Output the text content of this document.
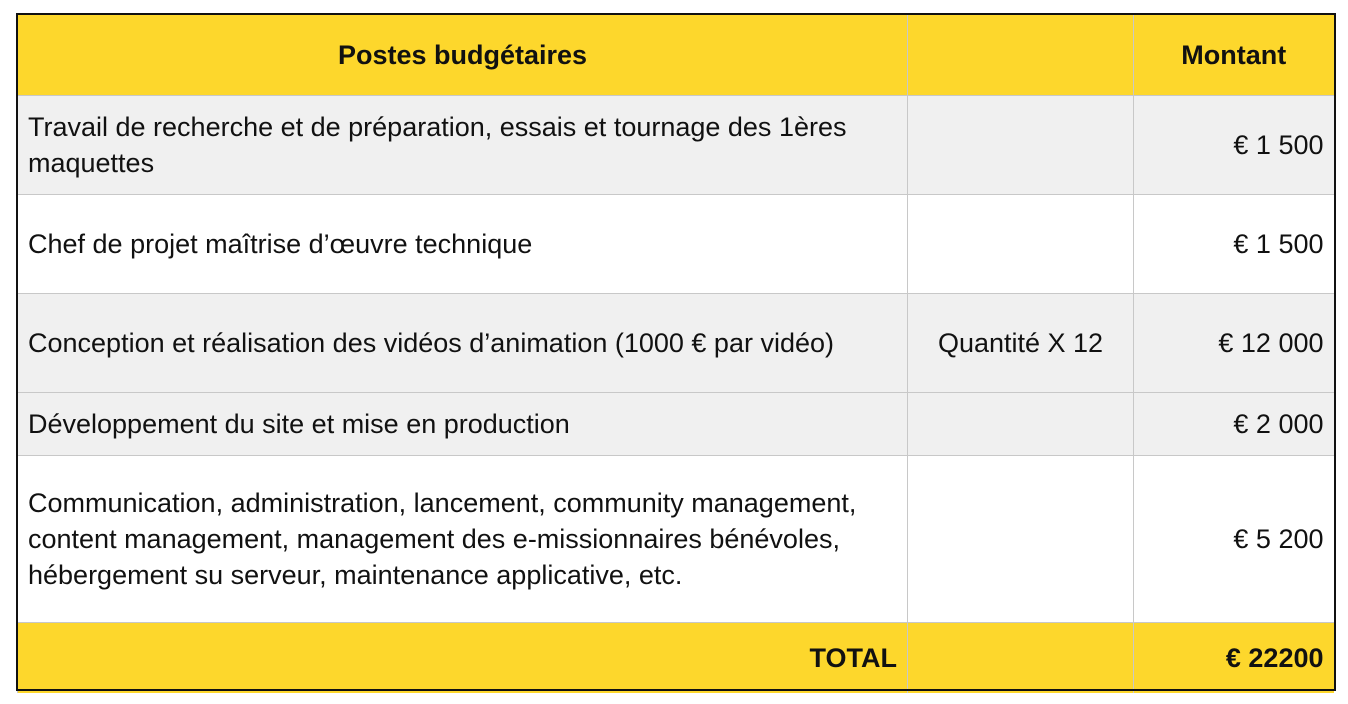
Postes budgétaires		Montant
Travail de recherche et de préparation, essais et tournage des 1ères maquettes		€ 1 500
Chef de projet maîtrise d’œuvre technique		€ 1 500
Conception et réalisation des vidéos d’animation (1000 € par vidéo)	Quantité X 12	€ 12 000
Développement du site et mise en production		€ 2 000
Communication, administration, lancement, community management, content management, management des e-missionnaires bénévoles, hébergement su serveur, maintenance applicative, etc.		€ 5 200
TOTAL		€ 22200
